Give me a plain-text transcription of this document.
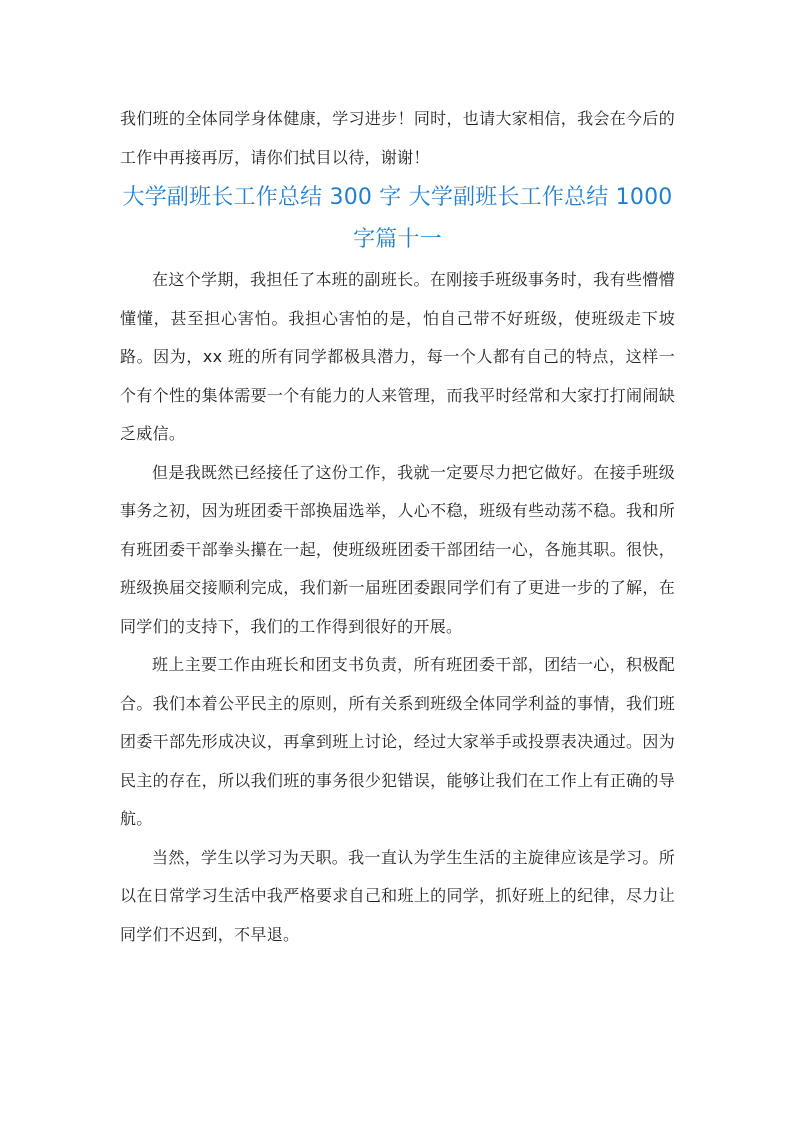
我们班的全体同学身体健康，学习进步！同时，也请大家相信，我会在今后的工作中再接再厉，请你们拭目以待，谢谢！

大学副班长工作总结 300 字 大学副班长工作总结 1000 字篇十一

在这个学期，我担任了本班的副班长。在刚接手班级事务时，我有些懵懵懂懂，甚至担心害怕。我担心害怕的是，怕自己带不好班级，使班级走下坡路。因为，xx 班的所有同学都极具潜力，每一个人都有自己的特点，这样一个有个性的集体需要一个有能力的人来管理，而我平时经常和大家打打闹闹缺乏威信。

但是我既然已经接任了这份工作，我就一定要尽力把它做好。在接手班级事务之初，因为班团委干部换届选举，人心不稳，班级有些动荡不稳。我和所有班团委干部拳头攥在一起，使班级班团委干部团结一心，各施其职。很快，班级换届交接顺利完成，我们新一届班团委跟同学们有了更进一步的了解，在同学们的支持下，我们的工作得到很好的开展。

班上主要工作由班长和团支书负责，所有班团委干部，团结一心，积极配合。我们本着公平民主的原则，所有关系到班级全体同学利益的事情，我们班团委干部先形成决议，再拿到班上讨论，经过大家举手或投票表决通过。因为民主的存在，所以我们班的事务很少犯错误，能够让我们在工作上有正确的导航。

当然，学生以学习为天职。我一直认为学生生活的主旋律应该是学习。所以在日常学习生活中我严格要求自己和班上的同学，抓好班上的纪律，尽力让同学们不迟到，不早退。
